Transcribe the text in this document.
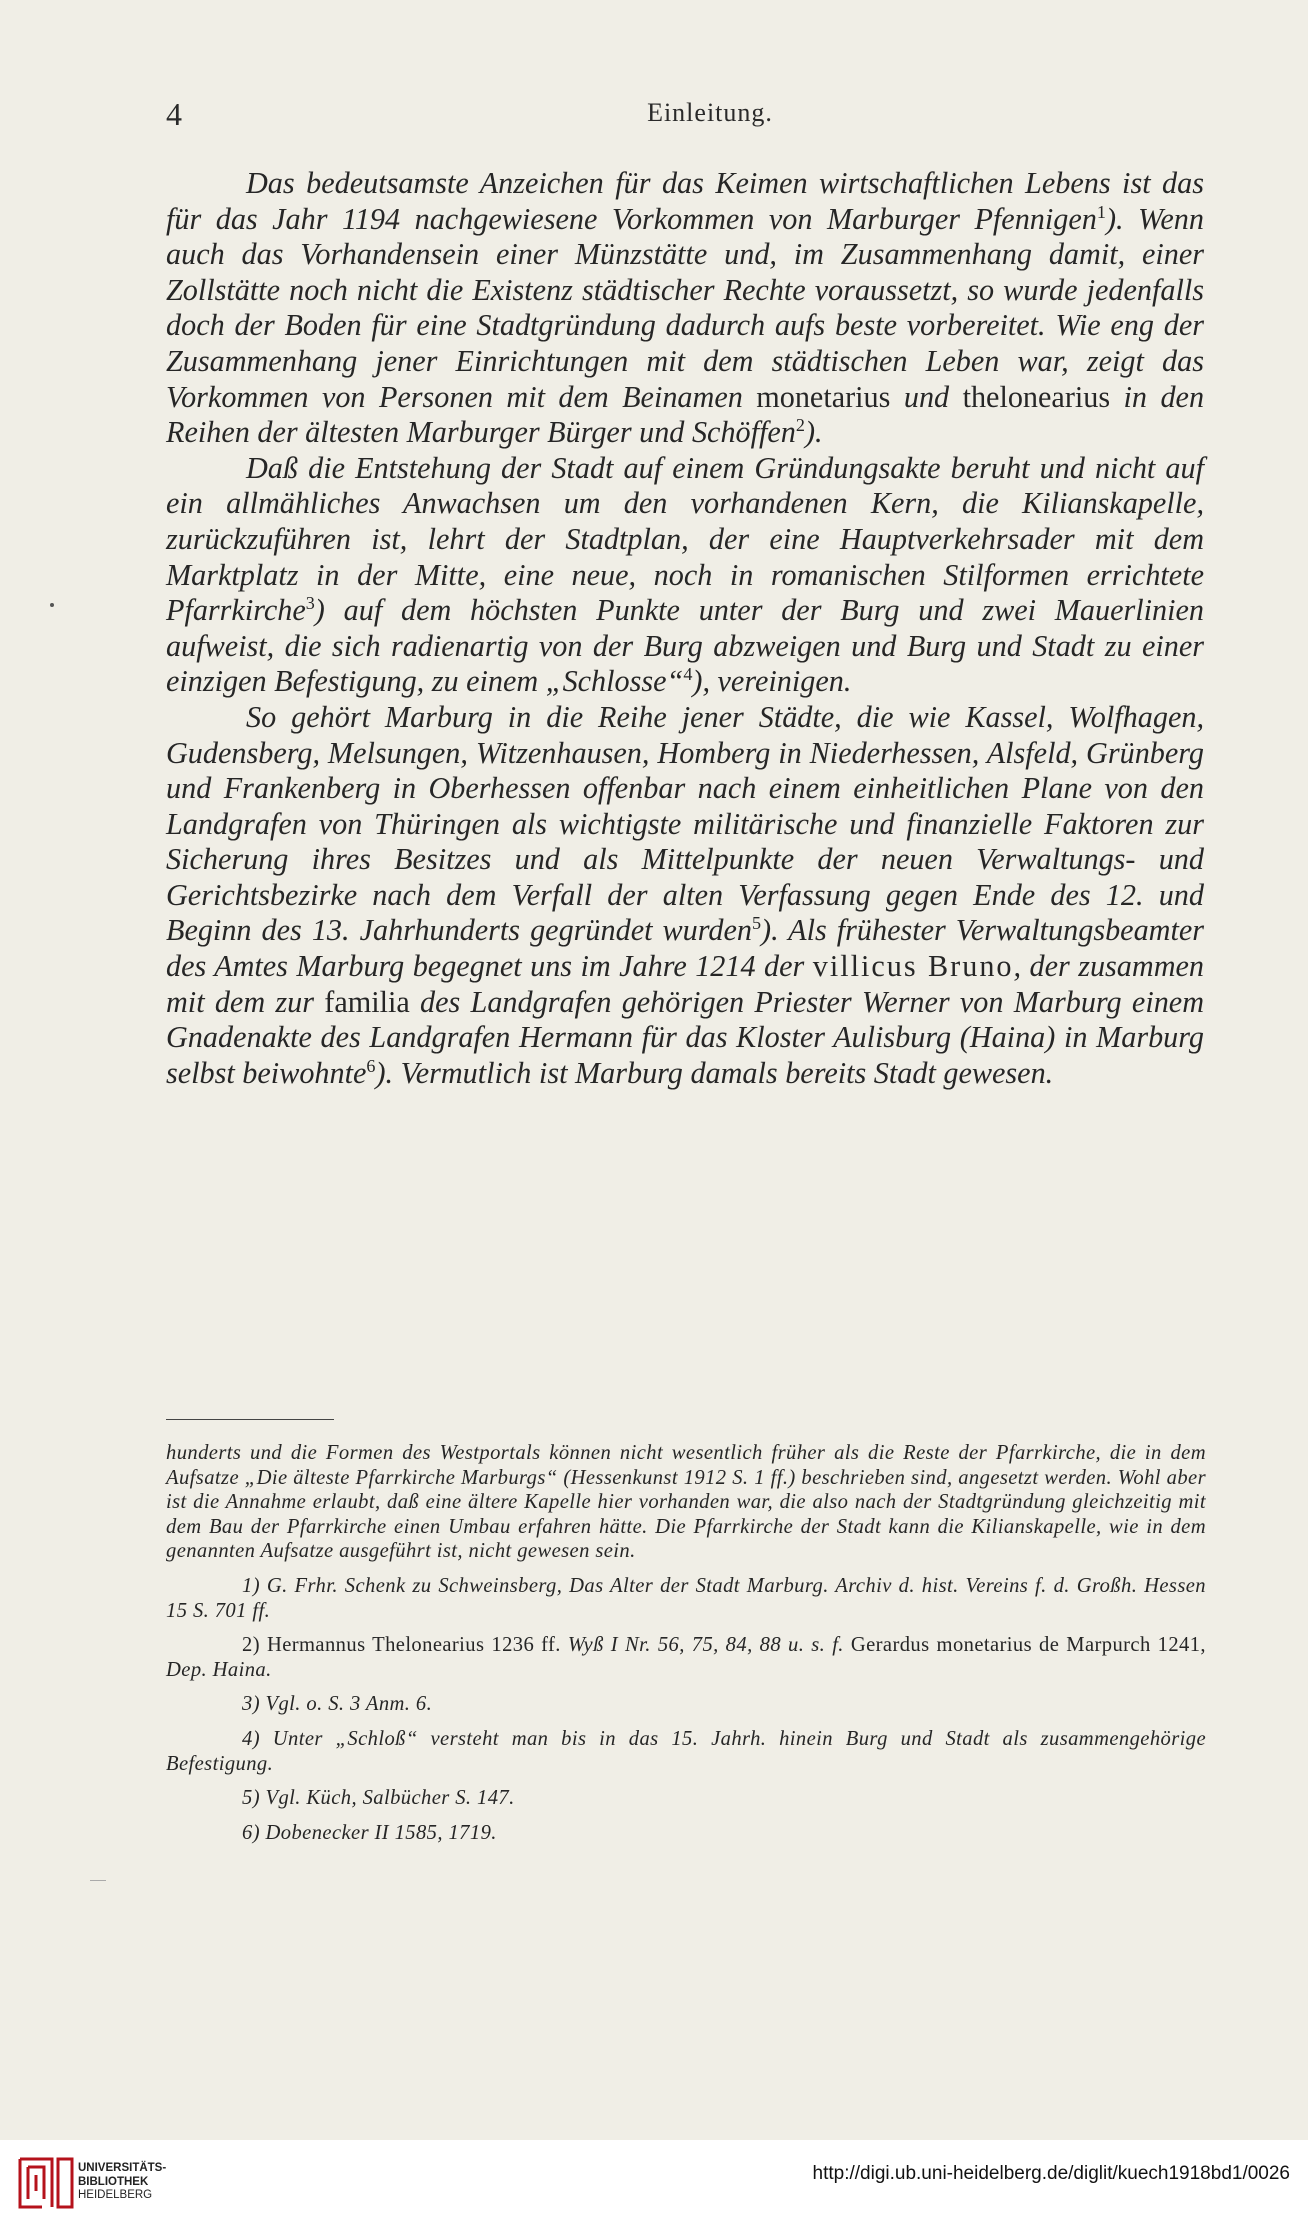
4	Einleitung.

Das bedeutsamste Anzeichen für das Keimen wirtschaftlichen Lebens ist das für das Jahr 1194 nachgewiesene Vorkommen von Marburger Pfennigen$^1$). Wenn auch das Vorhandensein einer Münzstätte und, im Zusammenhang damit, einer Zollstätte noch nicht die Existenz städtischer Rechte voraussetzt, so wurde jedenfalls doch der Boden für eine Stadtgründung dadurch aufs beste vorbereitet. Wie eng der Zusammenhang jener Einrichtungen mit dem städtischen Leben war, zeigt das Vorkommen von Personen mit dem Beinamen monetarius und thelonearius in den Reihen der ältesten Marburger Bürger und Schöffen$^2$).

Daß die Entstehung der Stadt auf einem Gründungsakte beruht und nicht auf ein allmähliches Anwachsen um den vorhandenen Kern, die Kilianskapelle, zurückzuführen ist, lehrt der Stadtplan, der eine Hauptverkehrsader mit dem Marktplatz in der Mitte, eine neue, noch in romanischen Stilformen errichtete Pfarrkirche$^3$) auf dem höchsten Punkte unter der Burg und zwei Mauerlinien aufweist, die sich radienartig von der Burg abzweigen und Burg und Stadt zu einer einzigen Befestigung, zu einem „Schlosse“$^4$), vereinigen.

So gehört Marburg in die Reihe jener Städte, die wie Kassel, Wolfhagen, Gudensberg, Melsungen, Witzenhausen, Homberg in Niederhessen, Alsfeld, Grünberg und Frankenberg in Oberhessen offenbar nach einem einheitlichen Plane von den Landgrafen von Thüringen als wichtigste militärische und finanzielle Faktoren zur Sicherung ihres Besitzes und als Mittelpunkte der neuen Verwaltungs- und Gerichtsbezirke nach dem Verfall der alten Verfassung gegen Ende des 12. und Beginn des 13. Jahrhunderts gegründet wurden$^5$). Als frühester Verwaltungsbeamter des Amtes Marburg begegnet uns im Jahre 1214 der villicus Bruno, der zusammen mit dem zur familia des Landgrafen gehörigen Priester Werner von Marburg einem Gnadenakte des Landgrafen Hermann für das Kloster Aulisburg (Haina) in Marburg selbst beiwohnte$^6$). Vermutlich ist Marburg damals bereits Stadt gewesen.

hunderts und die Formen des Westportals können nicht wesentlich früher als die Reste der Pfarrkirche, die in dem Aufsatze „Die älteste Pfarrkirche Marburgs“ (Hessenkunst 1912 S. 1 ff.) beschrieben sind, angesetzt werden. Wohl aber ist die Annahme erlaubt, daß eine ältere Kapelle hier vorhanden war, die also nach der Stadtgründung gleichzeitig mit dem Bau der Pfarrkirche einen Umbau erfahren hätte. Die Pfarrkirche der Stadt kann die Kilianskapelle, wie in dem genannten Aufsatze ausgeführt ist, nicht gewesen sein.

1) G. Frhr. Schenk zu Schweinsberg, Das Alter der Stadt Marburg. Archiv d. hist. Vereins f. d. Großh. Hessen 15 S. 701 ff.

2) Hermannus Thelonearius 1236 ff. Wyß I Nr. 56, 75, 84, 88 u. s. f. Gerardus monetarius de Marpurch 1241, Dep. Haina.

3) Vgl. o. S. 3 Anm. 6.

4) Unter „Schloß“ versteht man bis in das 15. Jahrh. hinein Burg und Stadt als zusammengehörige Befestigung.

5) Vgl. Küch, Salbücher S. 147.

6) Dobenecker II 1585, 1719.

UNIVERSITÄTS-
BIBLIOTHEK
HEIDELBERG
http://digi.ub.uni-heidelberg.de/diglit/kuech1918bd1/0026
